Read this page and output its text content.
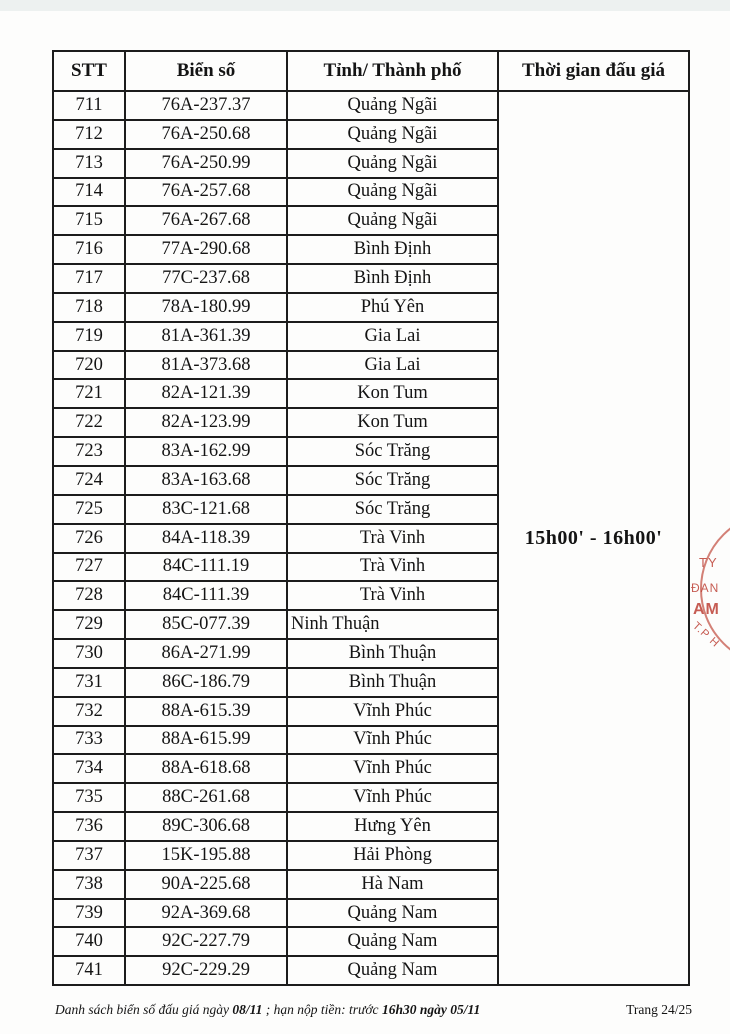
STT	Biển số	Tỉnh/ Thành phố	Thời gian đấu giá
711	76A-237.37	Quảng Ngãi	15h00' - 16h00'
712	76A-250.68	Quảng Ngãi	
713	76A-250.99	Quảng Ngãi	
714	76A-257.68	Quảng Ngãi	
715	76A-267.68	Quảng Ngãi	
716	77A-290.68	Bình Định	
717	77C-237.68	Bình Định	
718	78A-180.99	Phú Yên	
719	81A-361.39	Gia Lai	
720	81A-373.68	Gia Lai	
721	82A-121.39	Kon Tum	
722	82A-123.99	Kon Tum	
723	83A-162.99	Sóc Trăng	
724	83A-163.68	Sóc Trăng	
725	83C-121.68	Sóc Trăng	
726	84A-118.39	Trà Vinh	
727	84C-111.19	Trà Vinh	
728	84C-111.39	Trà Vinh	
729	85C-077.39	Ninh Thuận	
730	86A-271.99	Bình Thuận	
731	86C-186.79	Bình Thuận	
732	88A-615.39	Vĩnh Phúc	
733	88A-615.99	Vĩnh Phúc	
734	88A-618.68	Vĩnh Phúc	
735	88C-261.68	Vĩnh Phúc	
736	89C-306.68	Hưng Yên	
737	15K-195.88	Hải Phòng	
738	90A-225.68	Hà Nam	
739	92A-369.68	Quảng Nam	
740	92C-227.79	Quảng Nam	
741	92C-229.29	Quảng Nam	
Danh sách biển số đấu giá ngày 08/11 ; hạn nộp tiền: trước 16h30 ngày 05/11	Trang 24/25
TY
ĐAN
AM
T.P H
